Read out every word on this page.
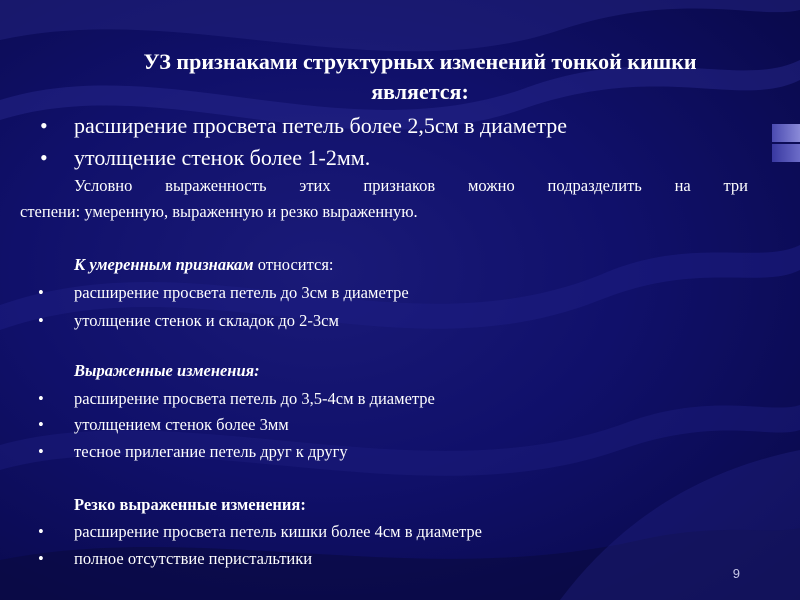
УЗ признаками структурных изменений тонкой кишки
является:
•	расширение просвета петель более 2,5см в диаметре
•	утолщение стенок более 1-2мм.
Условно выраженность этих признаков можно подразделить на три
степени: умеренную, выраженную и резко выраженную.
К умеренным признакам относится:
•	расширение просвета петель до 3см в диаметре
•	утолщение стенок и складок до 2-3см
Выраженные изменения:
•	расширение просвета петель до 3,5-4см в диаметре
•	утолщением стенок более 3мм
•	тесное прилегание петель друг к другу
Резко выраженные изменения:
•	расширение просвета петель кишки более 4см в диаметре
•	полное отсутствие перистальтики
9
